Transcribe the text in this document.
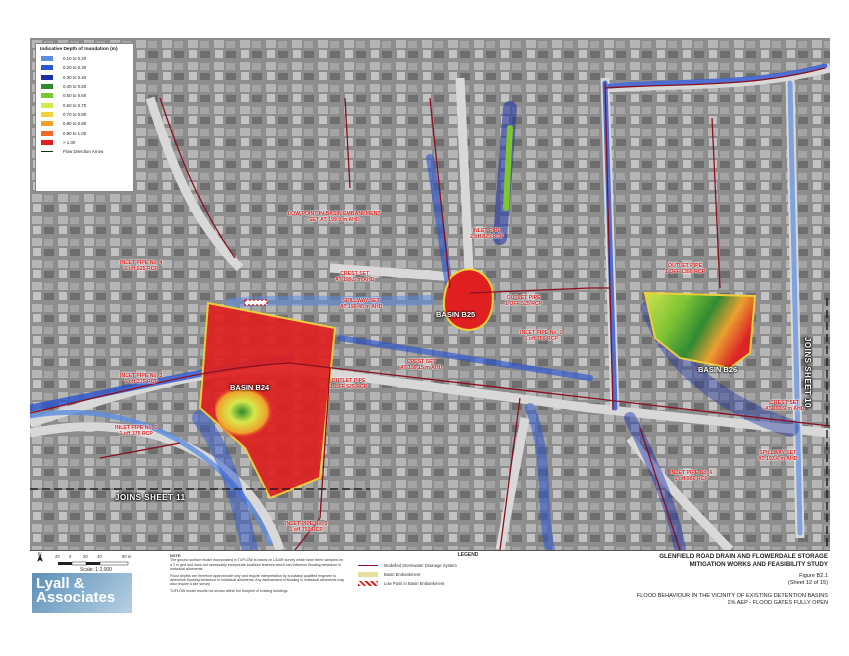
LOW POINT IN BASIN EMBANKMENT
SET AT 199.9 m AHD
INLET PIPE
2 off 825 RCP
INLET PIPE No. 4
1 off 525 RCP
CREST SET
AT 199.5 m AHD
SPILLWAY SET
AT 199.45 m AHD
OUTLET PIPE
1 OFF 525 RCP
INLET PIPE No. 1
1 off 750 RCP
CREST SET
AT 199.15 m AHD
OUTLET PIPE
1 OFF 525 RCP
INLET PIPE No. 3
1 off 375 RCP
INLET PIPE No. 2
1 off 375 RCP
INLET PIPE No. 5
1 off 750 RCP
OUTLET PIPE
1 OFF 1350 RCP
CREST SET
AT 193.9 m AHD
SPILLWAY SET
AT 193.6 m AHD
INLET PIPE No. 6
1 off 900 RCP
BASIN B24
BASIN B25
BASIN B26
JOINS SHEET 11
JOINS SHEET 10
Indicative Depth of Inundation (m)
0.10 to 0.20
0.20 to 0.30
0.30 to 0.40
0.40 to 0.50
0.50 to 0.60
0.60 to 0.70
0.70 to 0.80
0.80 to 0.90
0.90 to 1.00
> 1.00
Flow Direction Arrow
N	20 0	20 40	80 m
Scale: 1:2,000
Lyall &
Associates
NOTE:
The ground surface model incorporated in TUFLOW is based on LiDAR survey which have been sampled on a 2 m grid and does not necessarily incorporate localised features which can influence flooding behaviour in individual allotments.
Flood depths are therefore approximate only and require interpretation by a suitably qualified engineer to determine flooding behaviour in individual allotments. Any assessment of flooding in individual allotments may also require a site survey.
TUFLOW model results not shown within the footprint of existing buildings.
LEGEND
Modelled Stormwater Drainage System
Basin Embankment
Low Point in Basin Embankment
GLENFIELD ROAD DRAIN AND FLOWERDALE STORAGE
MITIGATION WORKS AND FEASIBILITY STUDY
Figure B2.1
(Sheet 12 of 15)
FLOOD BEHAVIOUR IN THE VICINITY OF EXISTING DETENTION BASINS
1% AEP - FLOOD GATES FULLY OPEN
